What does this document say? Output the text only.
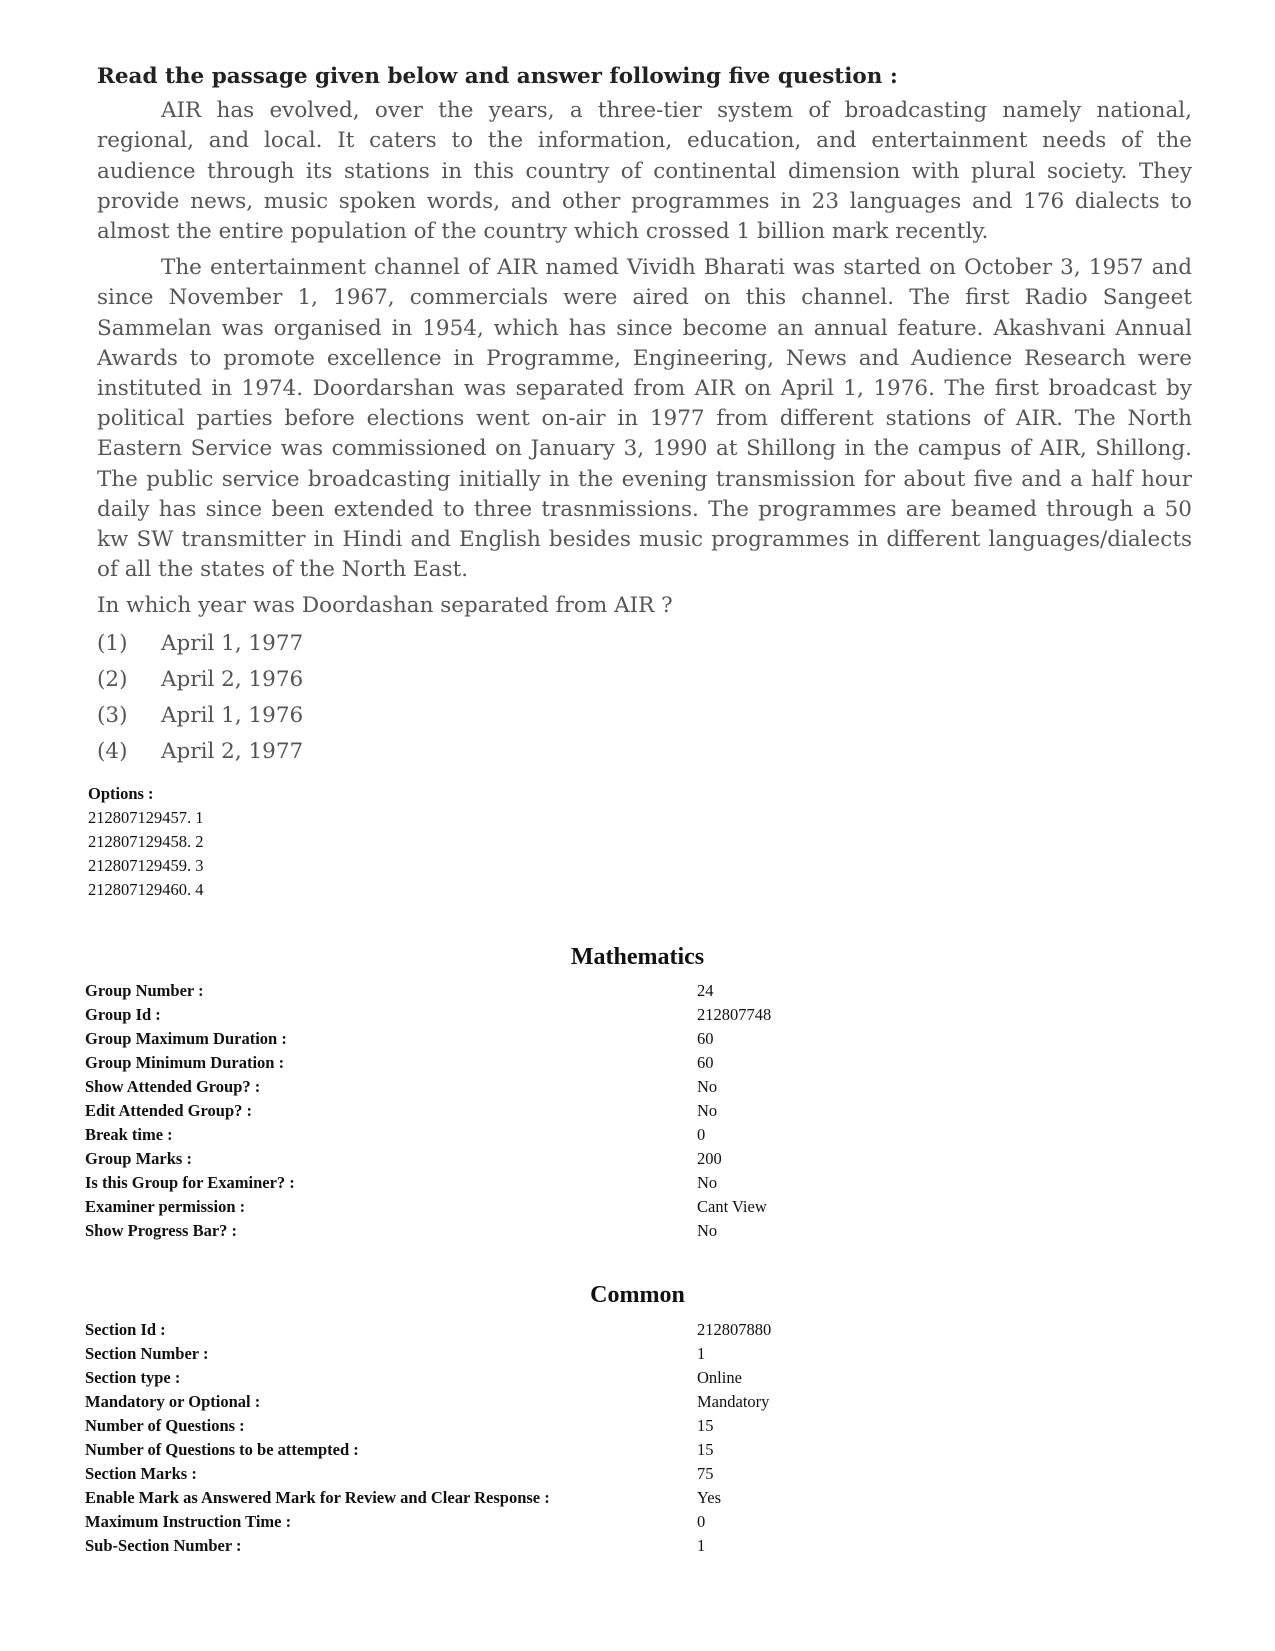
Read the passage given below and answer following five question :

AIR has evolved, over the years, a three-tier system of broadcasting namely national, regional, and local. It caters to the information, education, and entertainment needs of the audience through its stations in this country of continental dimension with plural society. They provide news, music spoken words, and other programmes in 23 languages and 176 dialects to almost the entire population of the country which crossed 1 billion mark recently.

The entertainment channel of AIR named Vividh Bharati was started on October 3, 1957 and since November 1, 1967, commercials were aired on this channel. The first Radio Sangeet Sammelan was organised in 1954, which has since become an annual feature. Akashvani Annual Awards to promote excellence in Programme, Engineering, News and Audience Research were instituted in 1974. Doordarshan was separated from AIR on April 1, 1976. The first broadcast by political parties before elections went on-air in 1977 from different stations of AIR. The North Eastern Service was commissioned on January 3, 1990 at Shillong in the campus of AIR, Shillong. The public service broadcasting initially in the evening transmission for about five and a half hour daily has since been extended to three trasnmissions. The programmes are beamed through a 50 kw SW transmitter in Hindi and English besides music programmes in different languages/dialects of all the states of the North East.

In which year was Doordashan separated from AIR ?
(1)	April 1, 1977
(2)	April 2, 1976
(3)	April 1, 1976
(4)	April 2, 1977
Options :
212807129457. 1
212807129458. 2
212807129459. 3
212807129460. 4
Mathematics
Group Number :	24
Group Id :	212807748
Group Maximum Duration :	60
Group Minimum Duration :	60
Show Attended Group? :	No
Edit Attended Group? :	No
Break time :	0
Group Marks :	200
Is this Group for Examiner? :	No
Examiner permission :	Cant View
Show Progress Bar? :	No
Common
Section Id :	212807880
Section Number :	1
Section type :	Online
Mandatory or Optional :	Mandatory
Number of Questions :	15
Number of Questions to be attempted :	15
Section Marks :	75
Enable Mark as Answered Mark for Review and Clear Response :	Yes
Maximum Instruction Time :	0
Sub-Section Number :	1
